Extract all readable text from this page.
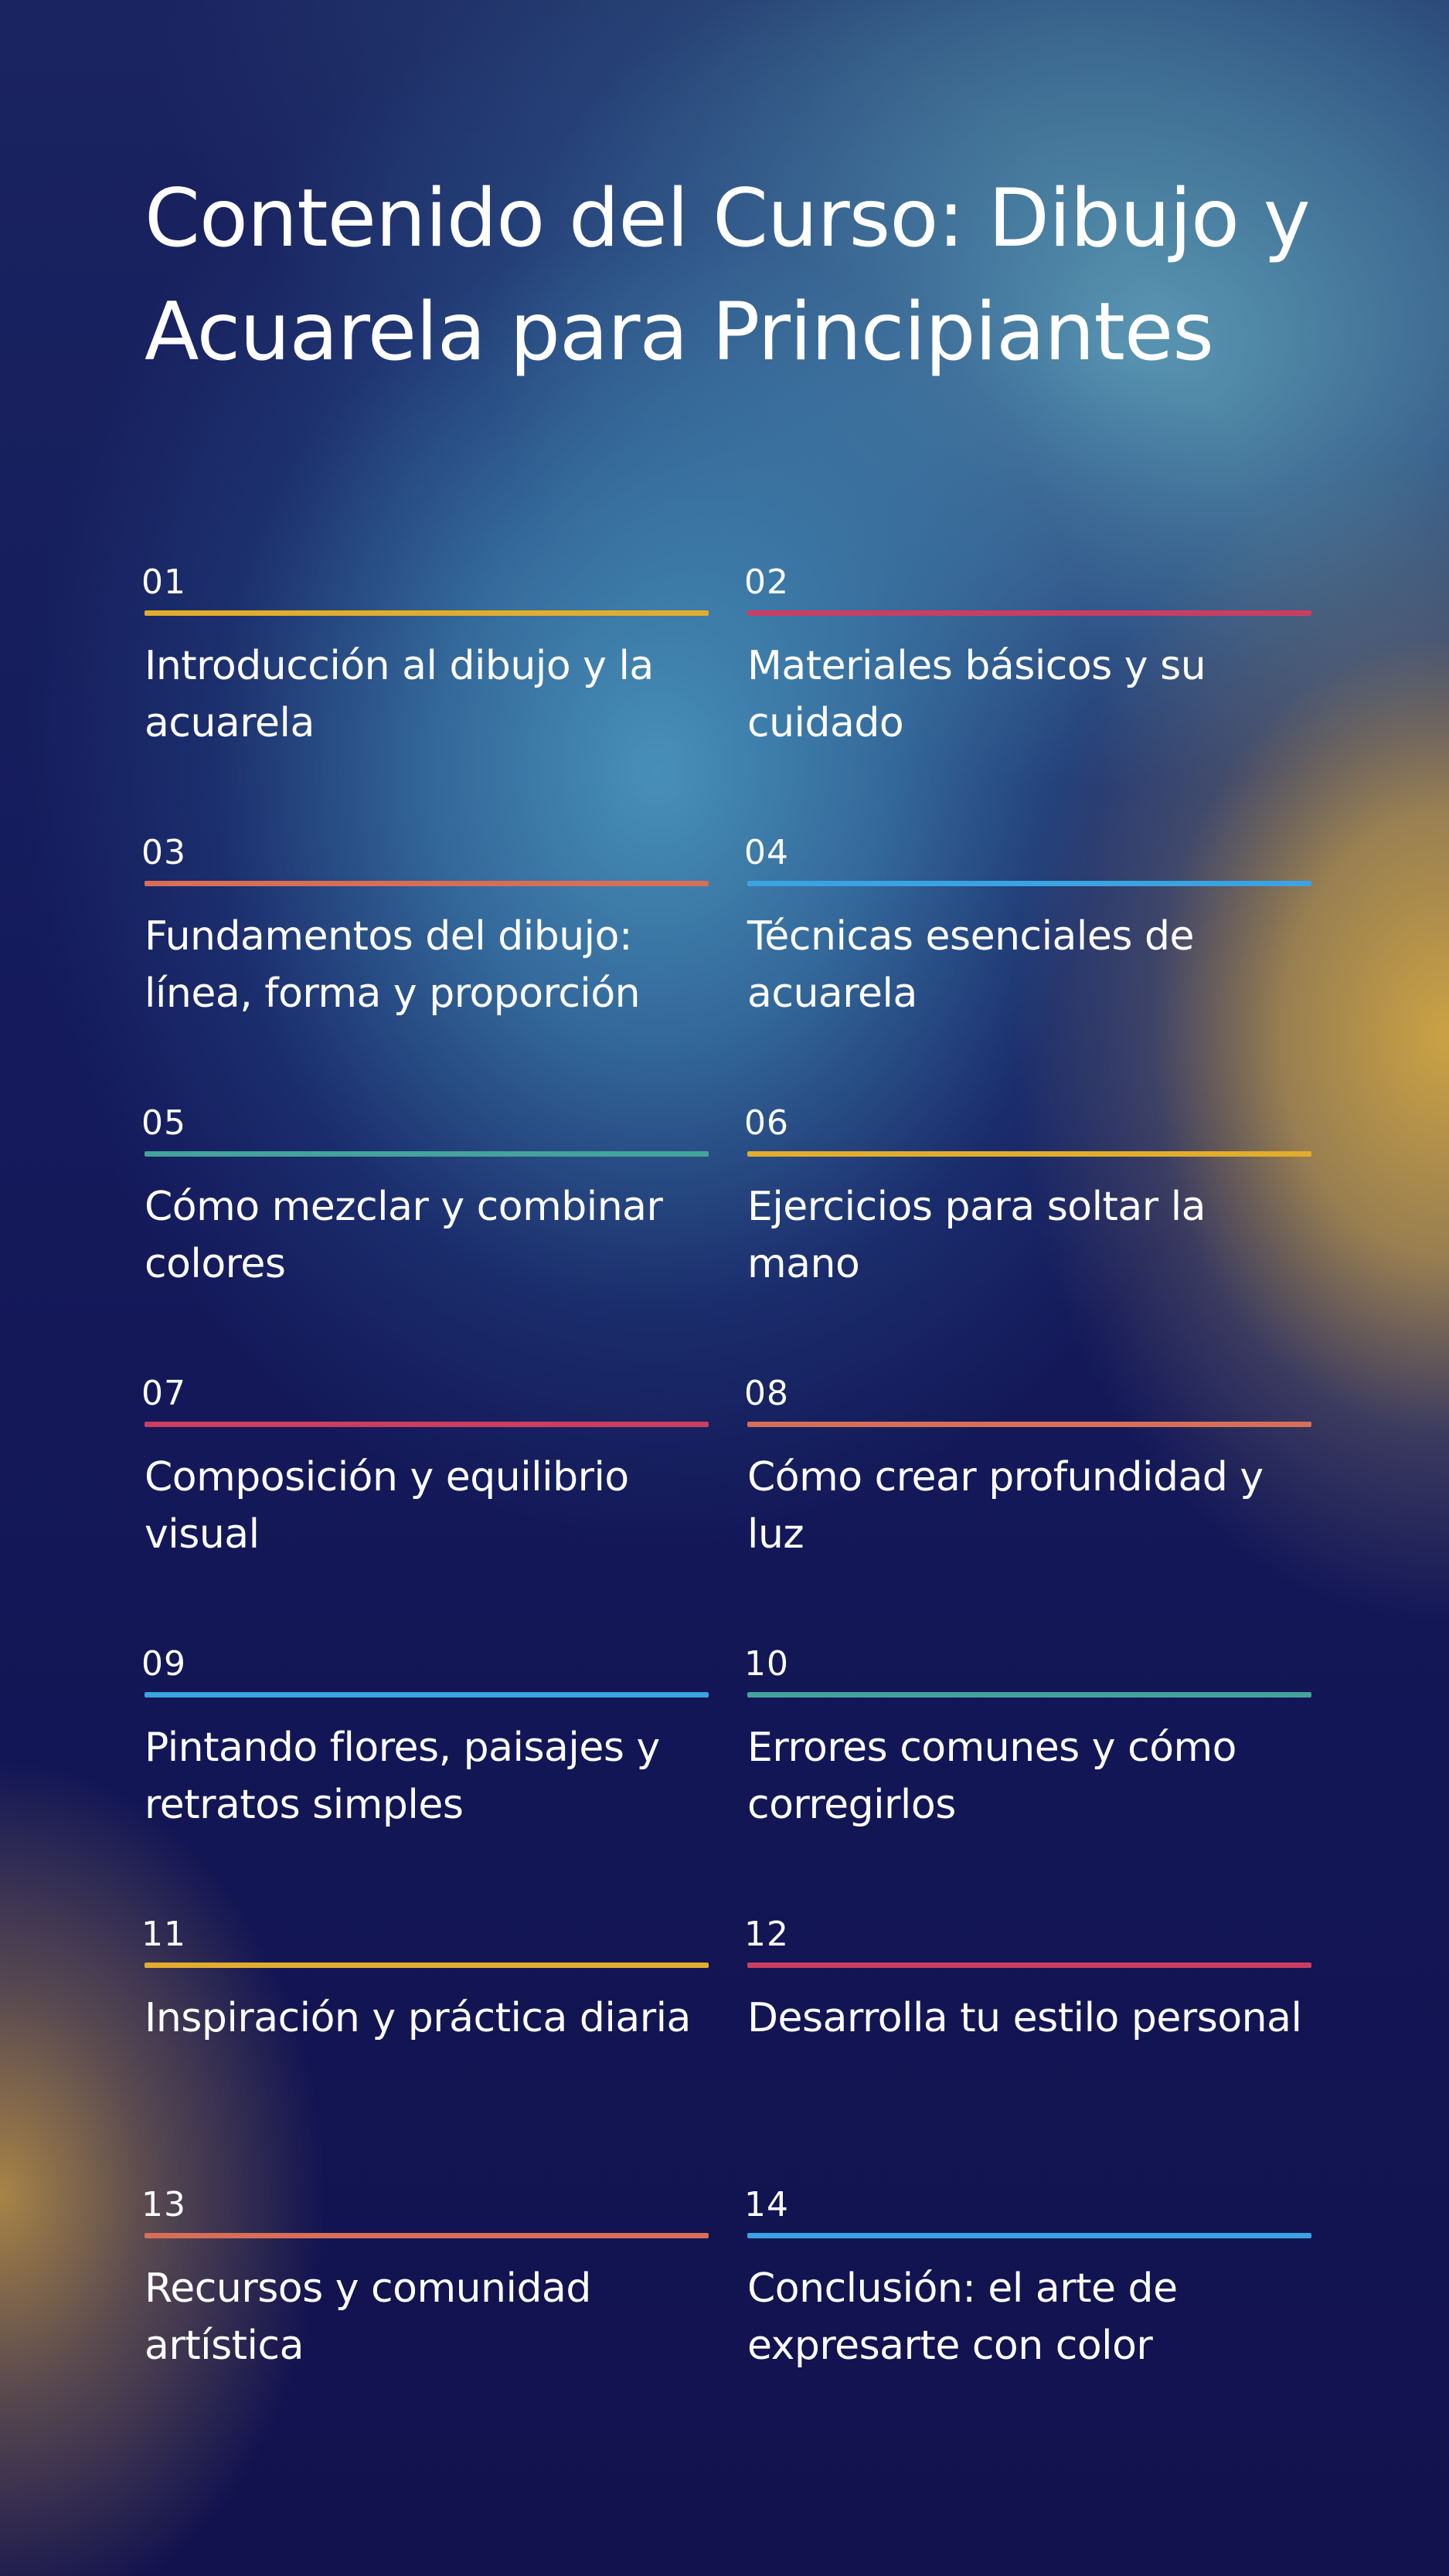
Contenido del Curso: Dibujo y Acuarela para Principiantes
01
Introducción al dibujo y la acuarela
02
Materiales básicos y su cuidado
03
Fundamentos del dibujo: línea, forma y proporción
04
Técnicas esenciales de acuarela
05
Cómo mezclar y combinar colores
06
Ejercicios para soltar la mano
07
Composición y equilibrio visual
08
Cómo crear profundidad y luz
09
Pintando flores, paisajes y retratos simples
10
Errores comunes y cómo corregirlos
11
Inspiración y práctica diaria
12
Desarrolla tu estilo personal
13
Recursos y comunidad artística
14
Conclusión: el arte de expresarte con color
